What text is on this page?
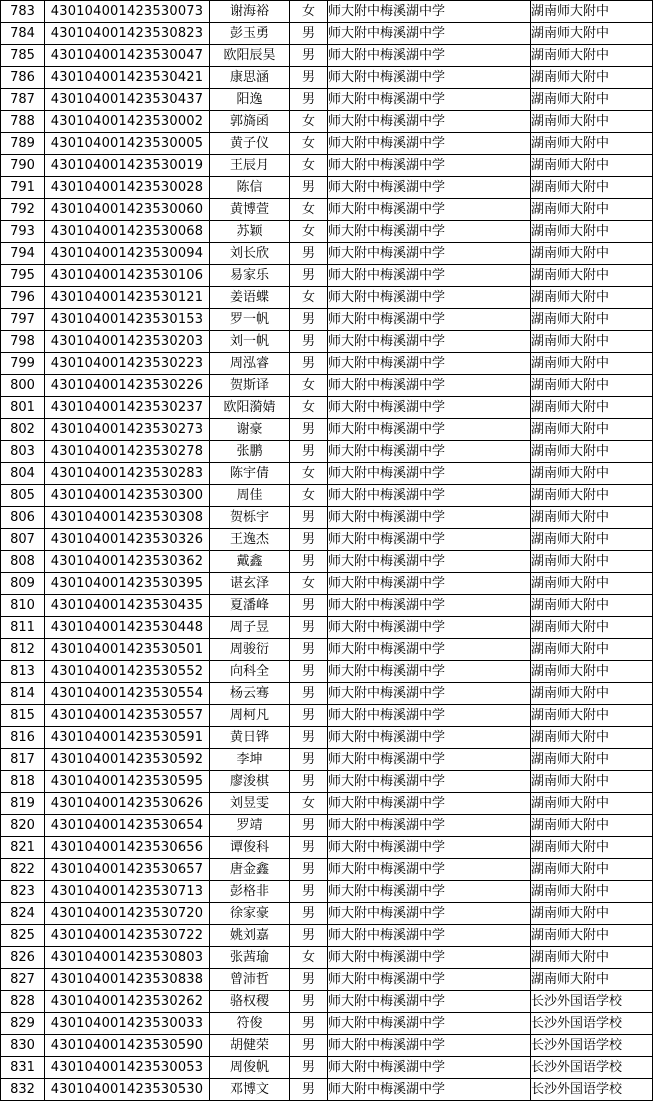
783	430104001423530073	谢海裕	女	师大附中梅溪湖中学	湖南师大附中
784	430104001423530823	彭玉勇	男	师大附中梅溪湖中学	湖南师大附中
785	430104001423530047	欧阳辰昊	男	师大附中梅溪湖中学	湖南师大附中
786	430104001423530421	康思涵	男	师大附中梅溪湖中学	湖南师大附中
787	430104001423530437	阳逸	男	师大附中梅溪湖中学	湖南师大附中
788	430104001423530002	郭旖函	女	师大附中梅溪湖中学	湖南师大附中
789	430104001423530005	黄子仪	女	师大附中梅溪湖中学	湖南师大附中
790	430104001423530019	王辰月	女	师大附中梅溪湖中学	湖南师大附中
791	430104001423530028	陈信	男	师大附中梅溪湖中学	湖南师大附中
792	430104001423530060	黄博萱	女	师大附中梅溪湖中学	湖南师大附中
793	430104001423530068	苏颖	女	师大附中梅溪湖中学	湖南师大附中
794	430104001423530094	刘长欣	男	师大附中梅溪湖中学	湖南师大附中
795	430104001423530106	易家乐	男	师大附中梅溪湖中学	湖南师大附中
796	430104001423530121	姜语蝶	女	师大附中梅溪湖中学	湖南师大附中
797	430104001423530153	罗一帆	男	师大附中梅溪湖中学	湖南师大附中
798	430104001423530203	刘一帆	男	师大附中梅溪湖中学	湖南师大附中
799	430104001423530223	周泓睿	男	师大附中梅溪湖中学	湖南师大附中
800	430104001423530226	贺斯译	女	师大附中梅溪湖中学	湖南师大附中
801	430104001423530237	欧阳漪婧	女	师大附中梅溪湖中学	湖南师大附中
802	430104001423530273	谢豪	男	师大附中梅溪湖中学	湖南师大附中
803	430104001423530278	张鹏	男	师大附中梅溪湖中学	湖南师大附中
804	430104001423530283	陈宇倩	女	师大附中梅溪湖中学	湖南师大附中
805	430104001423530300	周佳	女	师大附中梅溪湖中学	湖南师大附中
806	430104001423530308	贺栎宇	男	师大附中梅溪湖中学	湖南师大附中
807	430104001423530326	王逸杰	男	师大附中梅溪湖中学	湖南师大附中
808	430104001423530362	戴鑫	男	师大附中梅溪湖中学	湖南师大附中
809	430104001423530395	谌玄泽	女	师大附中梅溪湖中学	湖南师大附中
810	430104001423530435	夏潘峰	男	师大附中梅溪湖中学	湖南师大附中
811	430104001423530448	周子昱	男	师大附中梅溪湖中学	湖南师大附中
812	430104001423530501	周骏衍	男	师大附中梅溪湖中学	湖南师大附中
813	430104001423530552	向科全	男	师大附中梅溪湖中学	湖南师大附中
814	430104001423530554	杨云骞	男	师大附中梅溪湖中学	湖南师大附中
815	430104001423530557	周柯凡	男	师大附中梅溪湖中学	湖南师大附中
816	430104001423530591	黄日铧	男	师大附中梅溪湖中学	湖南师大附中
817	430104001423530592	李坤	男	师大附中梅溪湖中学	湖南师大附中
818	430104001423530595	廖浚棋	男	师大附中梅溪湖中学	湖南师大附中
819	430104001423530626	刘昱雯	女	师大附中梅溪湖中学	湖南师大附中
820	430104001423530654	罗靖	男	师大附中梅溪湖中学	湖南师大附中
821	430104001423530656	谭俊科	男	师大附中梅溪湖中学	湖南师大附中
822	430104001423530657	唐金鑫	男	师大附中梅溪湖中学	湖南师大附中
823	430104001423530713	彭格非	男	师大附中梅溪湖中学	湖南师大附中
824	430104001423530720	徐家豪	男	师大附中梅溪湖中学	湖南师大附中
825	430104001423530722	姚刘嘉	男	师大附中梅溪湖中学	湖南师大附中
826	430104001423530803	张茜瑜	女	师大附中梅溪湖中学	湖南师大附中
827	430104001423530838	曾沛哲	男	师大附中梅溪湖中学	湖南师大附中
828	430104001423530262	骆权稷	男	师大附中梅溪湖中学	长沙外国语学校
829	430104001423530033	符俊	男	师大附中梅溪湖中学	长沙外国语学校
830	430104001423530590	胡健荣	男	师大附中梅溪湖中学	长沙外国语学校
831	430104001423530053	周俊帆	男	师大附中梅溪湖中学	长沙外国语学校
832	430104001423530530	邓博文	男	师大附中梅溪湖中学	长沙外国语学校
